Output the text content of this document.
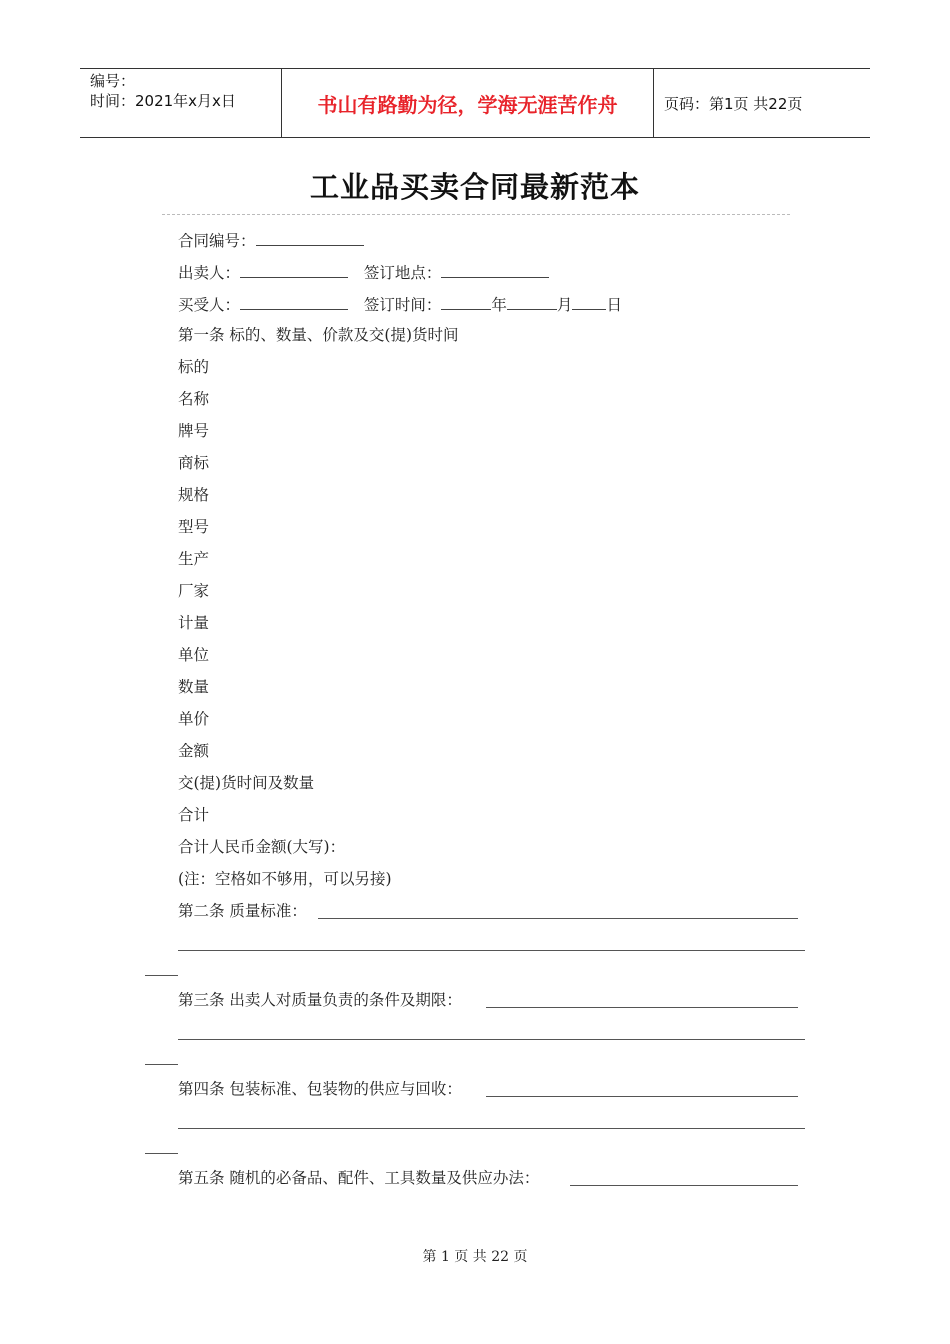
编号：
时间：2021年x月x日	书山有路勤为径，学海无涯苦作舟	页码：第1页 共22页
工业品买卖合同最新范本
合同编号：
出卖人：	签订地点：
买受人：	签订时间：	年	月 日
第一条 标的、数量、价款及交(提)货时间
标的
名称
牌号
商标
规格
型号
生产
厂家
计量
单位
数量
单价
金额
交(提)货时间及数量
合计
合计人民币金额(大写)：
(注：空格如不够用，可以另接)
第二条 质量标准：
第三条 出卖人对质量负责的条件及期限：
第四条 包装标准、包装物的供应与回收：
第五条 随机的必备品、配件、工具数量及供应办法：
第 1 页 共 22 页
